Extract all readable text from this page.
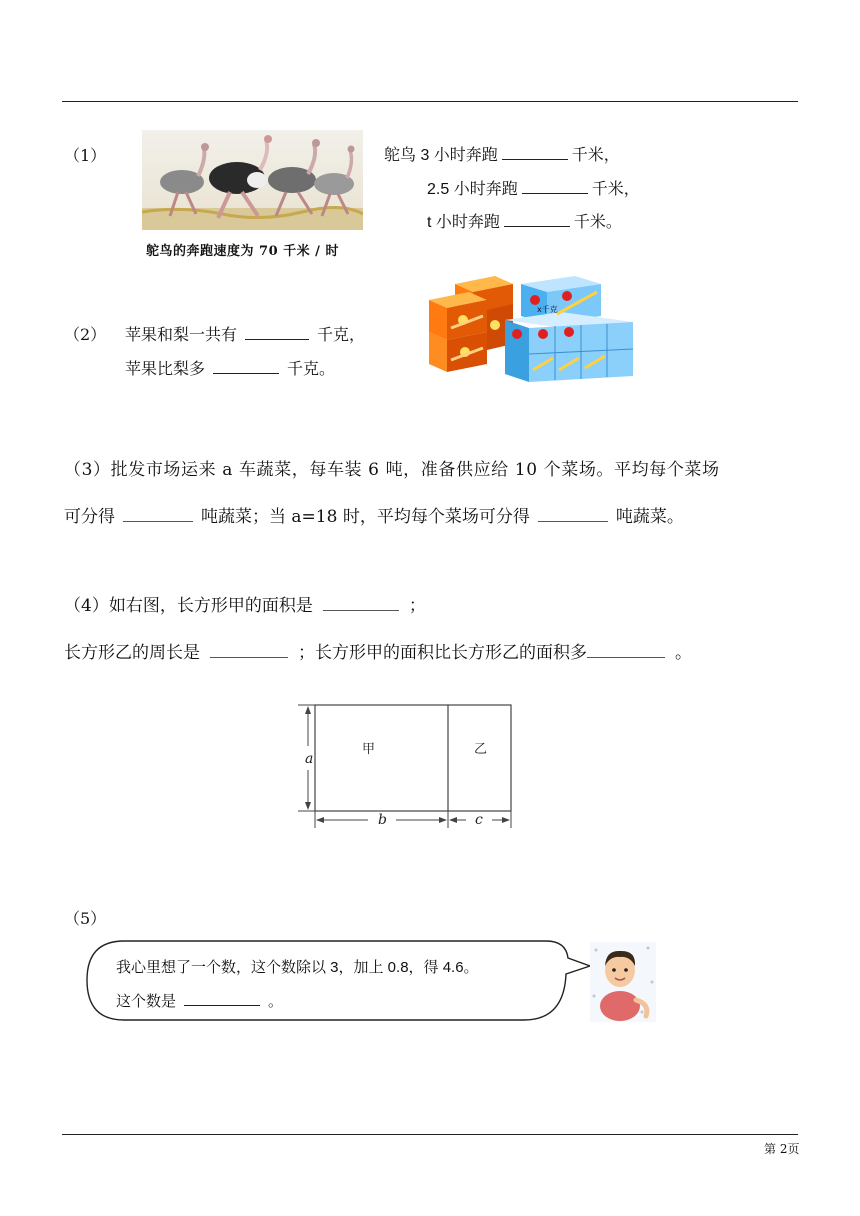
（1）
鸵鸟的奔跑速度为 70 千米 / 时
鸵鸟 3 小时奔跑	千米，
2.5 小时奔跑	千米，
t 小时奔跑	千米。
x千克
（2） 苹果和梨一共有	千克，
苹果比梨多	千克。
（3）批发市场运来 a 车蔬菜，每车装 6 吨，准备供应给 10 个菜场。平均每个菜场
可分得	吨蔬菜；当 a=18 时，平均每个菜场可分得	吨蔬菜。
（4）如右图，长方形甲的面积是	；
长方形乙的周长是	；长方形甲的面积比长方形乙的面积多	。
a
b	c
甲	乙
（5）
我心里想了一个数，这个数除以 3，加上 0.8，得 4.6。
这个数是	。
第 2页
